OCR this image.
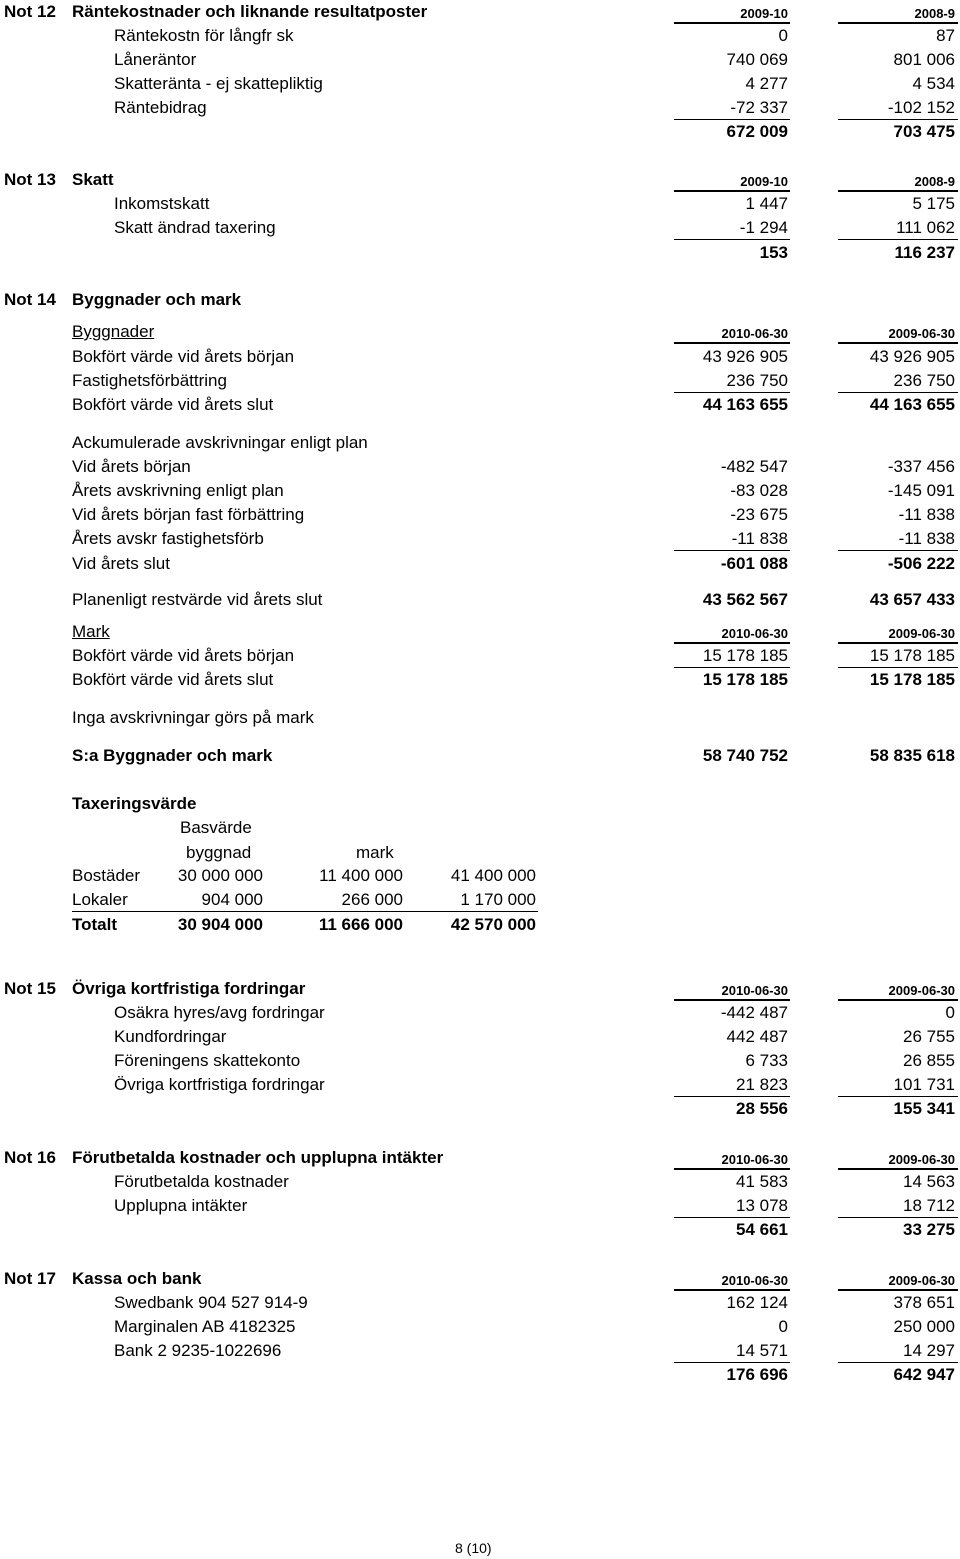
Not 12 Räntekostnader och liknande resultatposter	2009-10	2008-9
Räntekostn för långfr sk	0	87
Låneräntor	740 069	801 006
Skatteränta - ej skattepliktig	4 277	4 534
Räntebidrag	-72 337	-102 152
672 009	703 475
Not 13 Skatt	2009-10	2008-9
Inkomstskatt	1 447	5 175
Skatt ändrad taxering	-1 294	111 062
153	116 237
Not 14 Byggnader och mark
Byggnader	2010-06-30	2009-06-30
Bokfört värde vid årets början	43 926 905	43 926 905
Fastighetsförbättring	236 750	236 750
Bokfört värde vid årets slut	44 163 655	44 163 655
Ackumulerade avskrivningar enligt plan
Vid årets början	-482 547	-337 456
Årets avskrivning enligt plan	-83 028	-145 091
Vid årets början fast förbättring	-23 675	-11 838
Årets avskr fastighetsförb	-11 838	-11 838
Vid årets slut	-601 088	-506 222
Planenligt restvärde vid årets slut	43 562 567	43 657 433
Mark	2010-06-30	2009-06-30
Bokfört värde vid årets början	15 178 185	15 178 185
Bokfört värde vid årets slut	15 178 185	15 178 185
Inga avskrivningar görs på mark
S:a Byggnader och mark	58 740 752	58 835 618
Taxeringsvärde
Basvärde
byggnad	mark
Bostäder	30 000 000	11 400 000	41 400 000
Lokaler	904 000	266 000	1 170 000
Totalt	30 904 000	11 666 000	42 570 000
Not 15 Övriga kortfristiga fordringar	2010-06-30	2009-06-30
Osäkra hyres/avg fordringar	-442 487	0
Kundfordringar	442 487	26 755
Föreningens skattekonto	6 733	26 855
Övriga kortfristiga fordringar	21 823	101 731
28 556	155 341
Not 16 Förutbetalda kostnader och upplupna intäkter	2010-06-30	2009-06-30
Förutbetalda kostnader	41 583	14 563
Upplupna intäkter	13 078	18 712
54 661	33 275
Not 17 Kassa och bank	2010-06-30	2009-06-30
Swedbank 904 527 914-9	162 124	378 651
Marginalen AB 4182325	0	250 000
Bank 2 9235-1022696	14 571	14 297
176 696	642 947
8 (10)
